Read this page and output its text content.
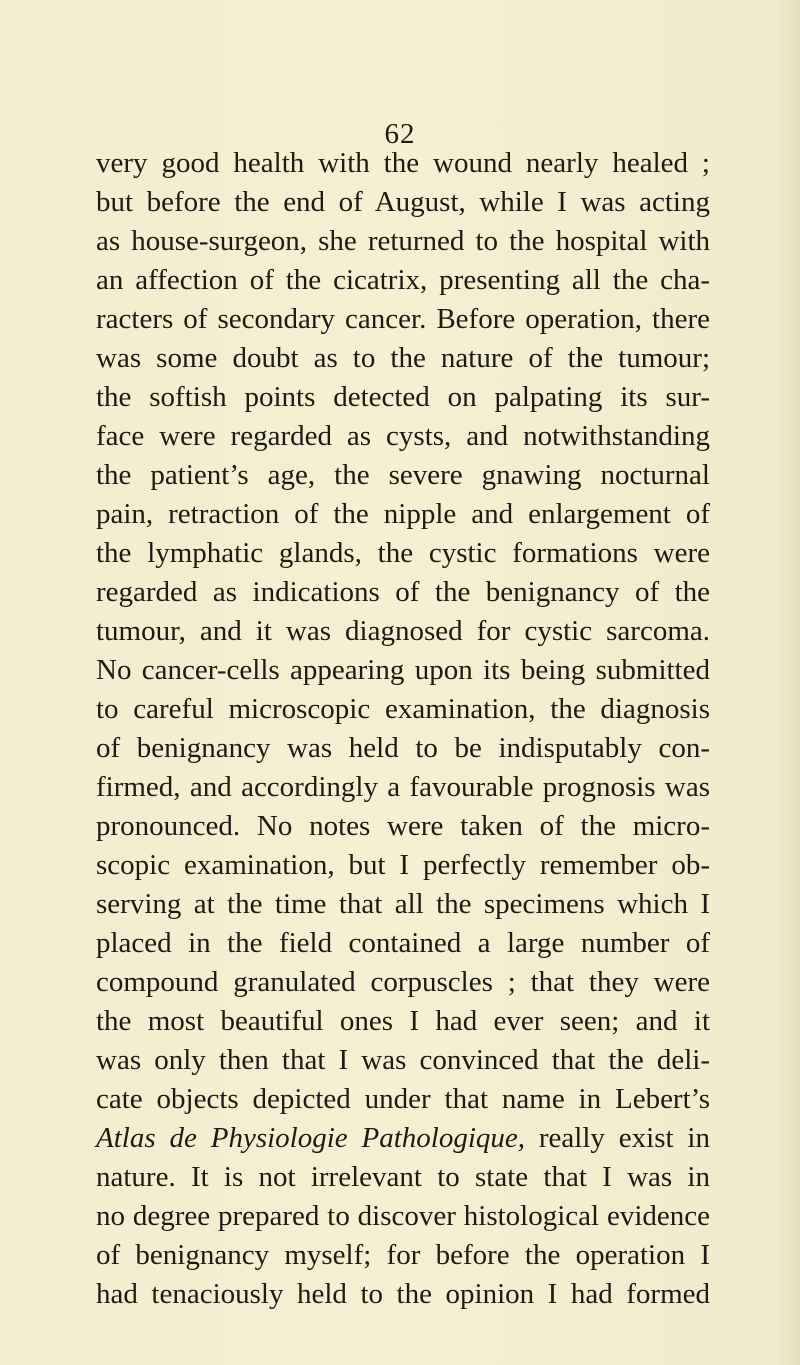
62
very good health with the wound nearly healed ;
but before the end of August, while I was acting
as house-surgeon, she returned to the hospital with
an affection of the cicatrix, presenting all the cha-
racters of secondary cancer. Before operation, there
was some doubt as to the nature of the tumour;
the softish points detected on palpating its sur-
face were regarded as cysts, and notwithstanding
the patient’s age, the severe gnawing nocturnal
pain, retraction of the nipple and enlargement of
the lymphatic glands, the cystic formations were
regarded as indications of the benignancy of the
tumour, and it was diagnosed for cystic sarcoma.
No cancer-cells appearing upon its being submitted
to careful microscopic examination, the diagnosis
of benignancy was held to be indisputably con-
firmed, and accordingly a favourable prognosis was
pronounced. No notes were taken of the micro-
scopic examination, but I perfectly remember ob-
serving at the time that all the specimens which I
placed in the field contained a large number of
compound granulated corpuscles ; that they were
the most beautiful ones I had ever seen; and it
was only then that I was convinced that the deli-
cate objects depicted under that name in Lebert’s
Atlas de Physiologie Pathologique, really exist in
nature. It is not irrelevant to state that I was in
no degree prepared to discover histological evidence
of benignancy myself; for before the operation I
had tenaciously held to the opinion I had formed
